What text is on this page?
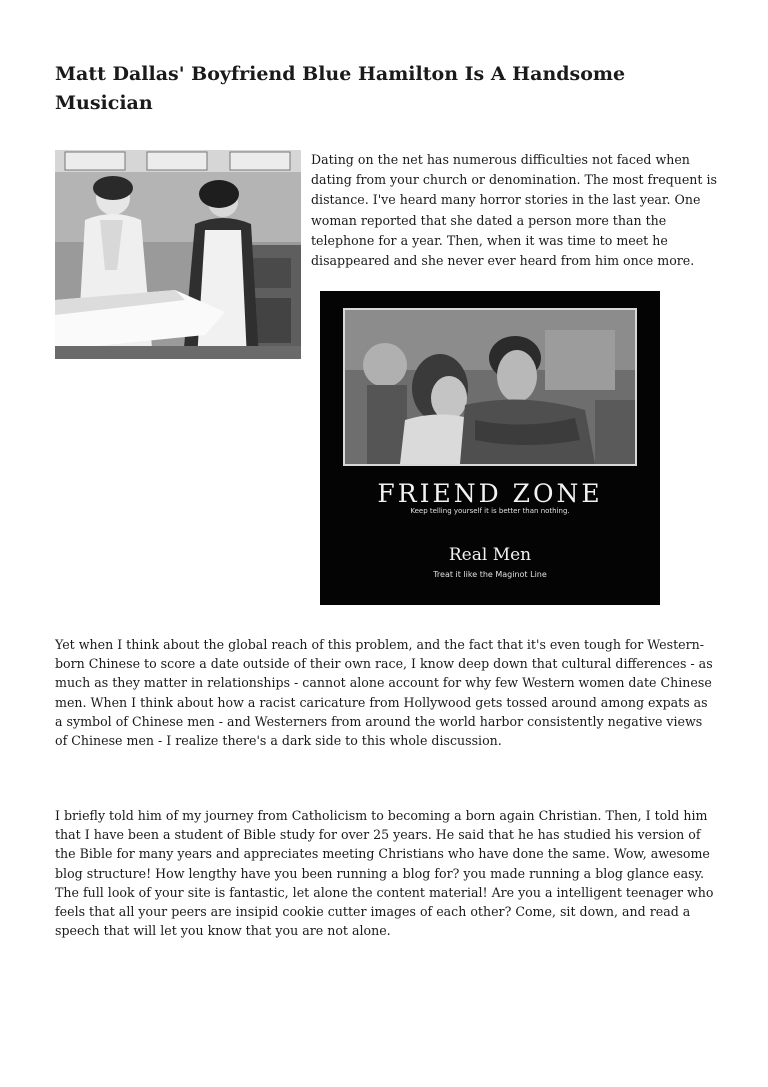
Matt Dallas' Boyfriend Blue Hamilton Is A Handsome Musician

Dating on the net has numerous difficulties not faced when dating from your church or denomination. The most frequent is distance. I've heard many horror stories in the last year. One woman reported that she dated a person more than the telephone for a year. Then, when it was time to meet he disappeared and she never ever heard from him once more.

FRIEND ZONE
Keep telling yourself it is better than nothing.
Real Men
Treat it like the Maginot Line

Yet when I think about the global reach of this problem, and the fact that it's even tough for Western-born Chinese to score a date outside of their own race, I know deep down that cultural differences - as much as they matter in relationships - cannot alone account for why few Western women date Chinese men. When I think about how a racist caricature from Hollywood gets tossed around among expats as a symbol of Chinese men - and Westerners from around the world harbor consistently negative views of Chinese men - I realize there's a dark side to this whole discussion.

I briefly told him of my journey from Catholicism to becoming a born again Christian. Then, I told him that I have been a student of Bible study for over 25 years. He said that he has studied his version of the Bible for many years and appreciates meeting Christians who have done the same. Wow, awesome blog structure! How lengthy have you been running a blog for? you made running a blog glance easy. The full look of your site is fantastic, let alone the content material! Are you a intelligent teenager who feels that all your peers are insipid cookie cutter images of each other? Come, sit down, and read a speech that will let you know that you are not alone.
